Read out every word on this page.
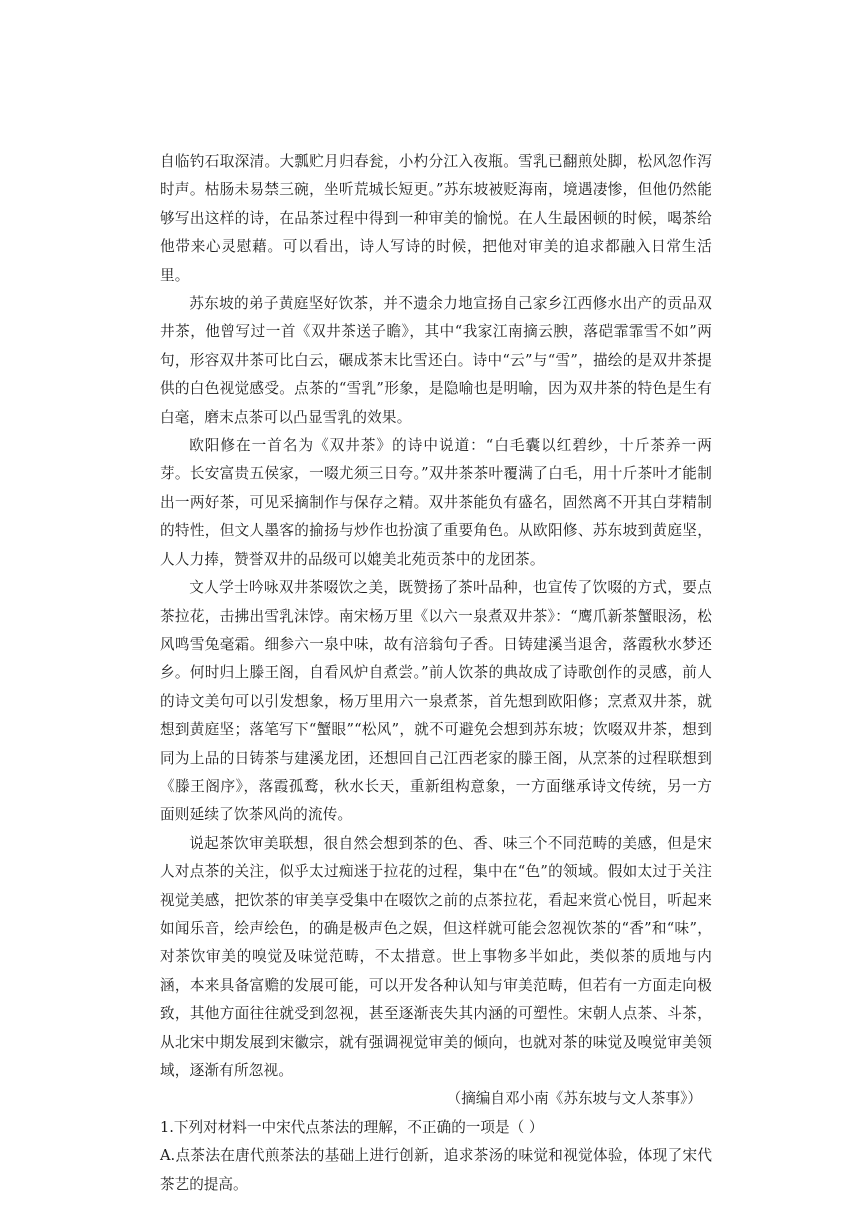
自临钓石取深清。大瓢贮月归春瓮，小杓分江入夜瓶。雪乳已翻煎处脚，松风忽作泻时声。枯肠未易禁三碗，坐听荒城长短更。”苏东坡被贬海南，境遇凄惨，但他仍然能够写出这样的诗，在品茶过程中得到一种审美的愉悦。在人生最困顿的时候，喝茶给他带来心灵慰藉。可以看出，诗人写诗的时候，把他对审美的追求都融入日常生活里。

苏东坡的弟子黄庭坚好饮茶，并不遗余力地宣扬自己家乡江西修水出产的贡品双井茶，他曾写过一首《双井茶送子瞻》，其中“我家江南摘云腴，落硙霏霏雪不如”两句，形容双井茶可比白云，碾成茶末比雪还白。诗中“云”与“雪”，描绘的是双井茶提供的白色视觉感受。点茶的“雪乳”形象，是隐喻也是明喻，因为双井茶的特色是生有白毫，磨末点茶可以凸显雪乳的效果。

欧阳修在一首名为《双井茶》的诗中说道：“白毛囊以红碧纱，十斤茶养一两芽。长安富贵五侯家，一啜尤须三日夸。”双井茶茶叶覆满了白毛，用十斤茶叶才能制出一两好茶，可见采摘制作与保存之精。双井茶能负有盛名，固然离不开其白芽精制的特性，但文人墨客的揄扬与炒作也扮演了重要角色。从欧阳修、苏东坡到黄庭坚，人人力捧，赞誉双井的品级可以媲美北苑贡茶中的龙团茶。

文人学士吟咏双井茶啜饮之美，既赞扬了茶叶品种，也宣传了饮啜的方式，要点茶拉花，击拂出雪乳沫饽。南宋杨万里《以六一泉煮双井茶》：“鹰爪新茶蟹眼汤，松风鸣雪兔毫霜。细参六一泉中味，故有涪翁句子香。日铸建溪当退舍，落霞秋水梦还乡。何时归上滕王阁，自看风炉自煮尝。”前人饮茶的典故成了诗歌创作的灵感，前人的诗文美句可以引发想象，杨万里用六一泉煮茶，首先想到欧阳修；烹煮双井茶，就想到黄庭坚；落笔写下“蟹眼”“松风”，就不可避免会想到苏东坡；饮啜双井茶，想到同为上品的日铸茶与建溪龙团，还想回自己江西老家的滕王阁，从烹茶的过程联想到《滕王阁序》，落霞孤鹜，秋水长天，重新组构意象，一方面继承诗文传统，另一方面则延续了饮茶风尚的流传。

说起茶饮审美联想，很自然会想到茶的色、香、味三个不同范畴的美感，但是宋人对点茶的关注，似乎太过痴迷于拉花的过程，集中在“色”的领域。假如太过于关注视觉美感，把饮茶的审美享受集中在啜饮之前的点茶拉花，看起来赏心悦目，听起来如闻乐音，绘声绘色，的确是极声色之娱，但这样就可能会忽视饮茶的“香”和“味”，对茶饮审美的嗅觉及味觉范畴，不太措意。世上事物多半如此，类似茶的质地与内涵，本来具备富赡的发展可能，可以开发各种认知与审美范畴，但若有一方面走向极致，其他方面往往就受到忽视，甚至逐渐丧失其内涵的可塑性。宋朝人点茶、斗茶，从北宋中期发展到宋徽宗，就有强调视觉审美的倾向，也就对茶的味觉及嗅觉审美领域，逐渐有所忽视。

（摘编自邓小南《苏东坡与文人茶事》）

1.下列对材料一中宋代点茶法的理解，不正确的一项是（ ）

A.点茶法在唐代煎茶法的基础上进行创新，追求茶汤的味觉和视觉体验，体现了宋代茶艺的提高。
